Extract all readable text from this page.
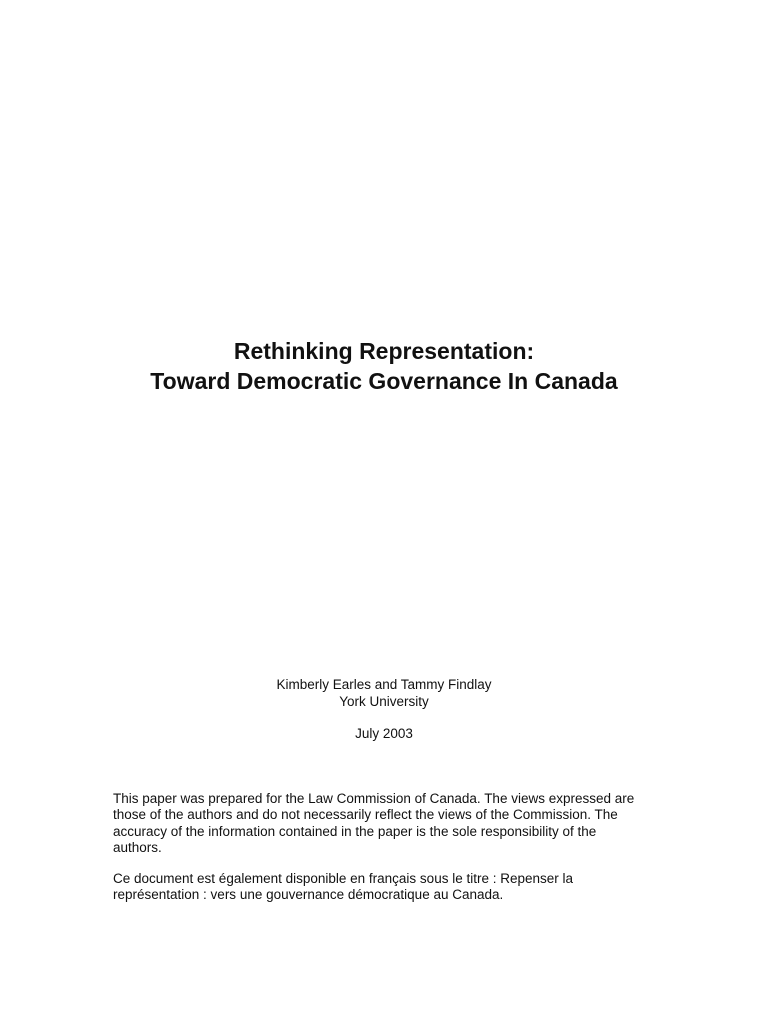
Rethinking Representation:
Toward Democratic Governance In Canada
Kimberly Earles and Tammy Findlay
York University
July 2003

This paper was prepared for the Law Commission of Canada. The views expressed are
those of the authors and do not necessarily reflect the views of the Commission. The
accuracy of the information contained in the paper is the sole responsibility of the
authors.

Ce document est également disponible en français sous le titre : Repenser la
représentation : vers une gouvernance démocratique au Canada.
